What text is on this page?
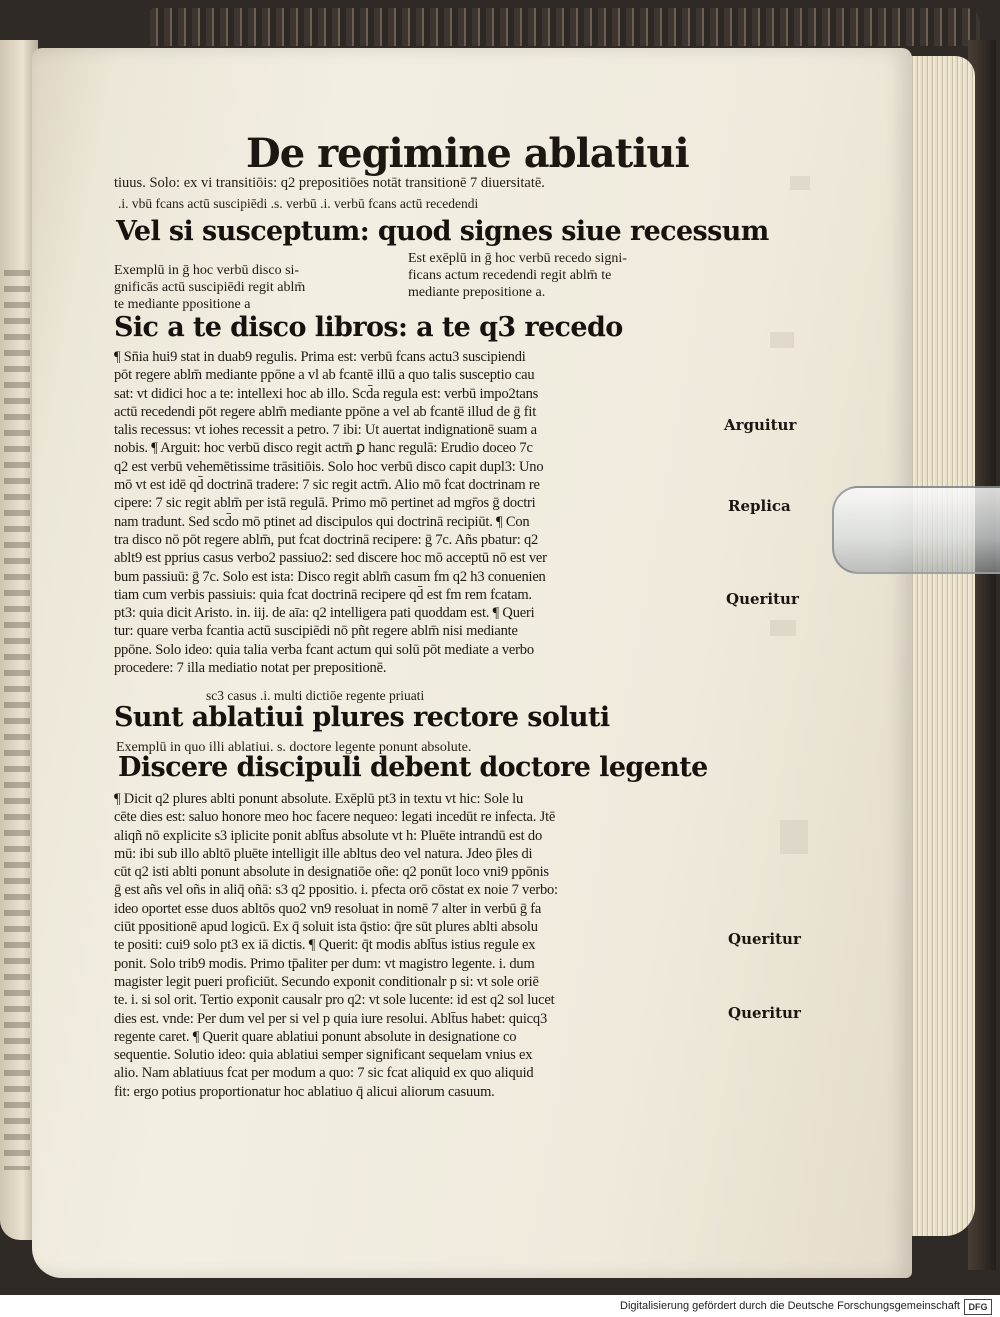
De regimine ablatiui
tiuus. Solo: ex vi transitiōis: q2 prepositiōes notāt transitionē 7 diuersitatē.
.i. vbū fcans actū suscipiēdi .s. verbū .i. verbū fcans actū recedendi
Vel si susceptum: quod signes siue recessum
Exemplū in ḡ hoc verbū disco si-
gnificās actū suscipiēdi regit ablm̄
te mediante ppositione a
Est exēplū in ḡ hoc verbū recedo signi-
ficans actum recedendi regit ablm̄ te
mediante prepositione a.
Sic a te disco libros: a te q3 recedo
¶ Sn̄ia hui9 stat in duab9 regulis. Prima est: verbū fcans actu3 suscipiendi
pōt regere ablm̄ mediante ppōne a vl ab fcantē illū a quo talis susceptio cau
sat: vt didici hoc a te: intellexi hoc ab illo. Scd̄a regula est: verbū impo2tans
actū recedendi pōt regere ablm̄ mediante ppōne a vel ab fcantē illud de ḡ fit
talis recessus: vt iohes recessit a petro. 7 ibi: Ut auertat indignationē suam a
nobis. ¶ Arguit: hoc verbū disco regit actm̄ ꝑ hanc regulā: Erudio doceo 7c
q2 est verbū vehemētissime trāsitiōis. Solo hoc verbū disco capit dupl3: Uno
mō vt est idē qd̄ doctrinā tradere: 7 sic regit actm̄. Alio mō fcat doctrinam re
cipere: 7 sic regit ablm̄ per istā regulā. Primo mō pertinet ad mgr̄os ḡ doctri
nam tradunt. Sed scd̄o mō ptinet ad discipulos qui doctrinā recipiūt. ¶ Con
tra disco nō pōt regere ablm̄, put fcat doctrinā recipere: ḡ 7c. Añs pbatur: q2
ablt9 est pprius casus verbo2 passiuo2: sed discere hoc mō acceptū nō est ver
bum passiuū: ḡ 7c. Solo est ista: Disco regit ablm̄ casum fm q2 h3 conuenien
tiam cum verbis passiuis: quia fcat doctrinā recipere qd̄ est fm rem fcatam.
pt3: quia dicit Aristo. in. iij. de aīa: q2 intelligera pati quoddam est. ¶ Queri
tur: quare verba fcantia actū suscipiēdi nō pñt regere ablm̄ nisi mediante
ppōne. Solo ideo: quia talia verba fcant actum qui solū pōt mediate a verbo
procedere: 7 illa mediatio notat per prepositionē.
sc3 casus .i. multi dictiōe regente priuati
Sunt ablatiui plures rectore soluti
Exemplū in quo illi ablatiui. s. doctore legente ponunt absolute.
Discere discipuli debent doctore legente
¶ Dicit q2 plures ablti ponunt absolute. Exēplū pt3 in textu vt hic: Sole lu
cēte dies est: saluo honore meo hoc facere nequeo: legati incedūt re infecta. Jtē
aliqñ nō explicite s3 iplicite ponit ablt̄us absolute vt h: Pluēte intrandū est do
mū: ibi sub illo abltō pluēte intelligit ille abltus deo vel natura. Jdeo p̄les di
cūt q2 isti ablti ponunt absolute in designatiōe oñe: q2 ponūt loco vni9 ppōnis
ḡ est añs vel oñs in aliq̄ oñā: s3 q2 ppositio. i. pfecta orō cōstat ex noie 7 verbo:
ideo oportet esse duos abltōs quo2 vn9 resoluat in nomē 7 alter in verbū ḡ fa
ciūt ppositionē apud logicū. Ex q̄ soluit ista q̄stio: q̄re sūt plures ablti absolu
te positi: cui9 solo pt3 ex iā dictis. ¶ Querit: q̄t modis ablt̄us istius regule ex
ponit. Solo trib9 modis. Primo tp̄aliter per dum: vt magistro legente. i. dum
magister legit pueri proficiūt. Secundo exponit conditionalr p si: vt sole oriē
te. i. si sol orit. Tertio exponit causalr pro q2: vt sole lucente: id est q2 sol lucet
dies est. vnde: Per dum vel per si vel p quia iure resolui. Ablt̄us habet: quicq3
regente caret. ¶ Querit quare ablatiui ponunt absolute in designatione co
sequentie. Solutio ideo: quia ablatiui semper significant sequelam vnius ex
alio. Nam ablatiuus fcat per modum a quo: 7 sic fcat aliquid ex quo aliquid
fit: ergo potius proportionatur hoc ablatiuo q̄ alicui aliorum casuum.
Arguitur
Replica
Queritur
Queritur
Queritur
Digitalisierung gefördert durch die Deutsche Forschungsgemeinschaft DFG
